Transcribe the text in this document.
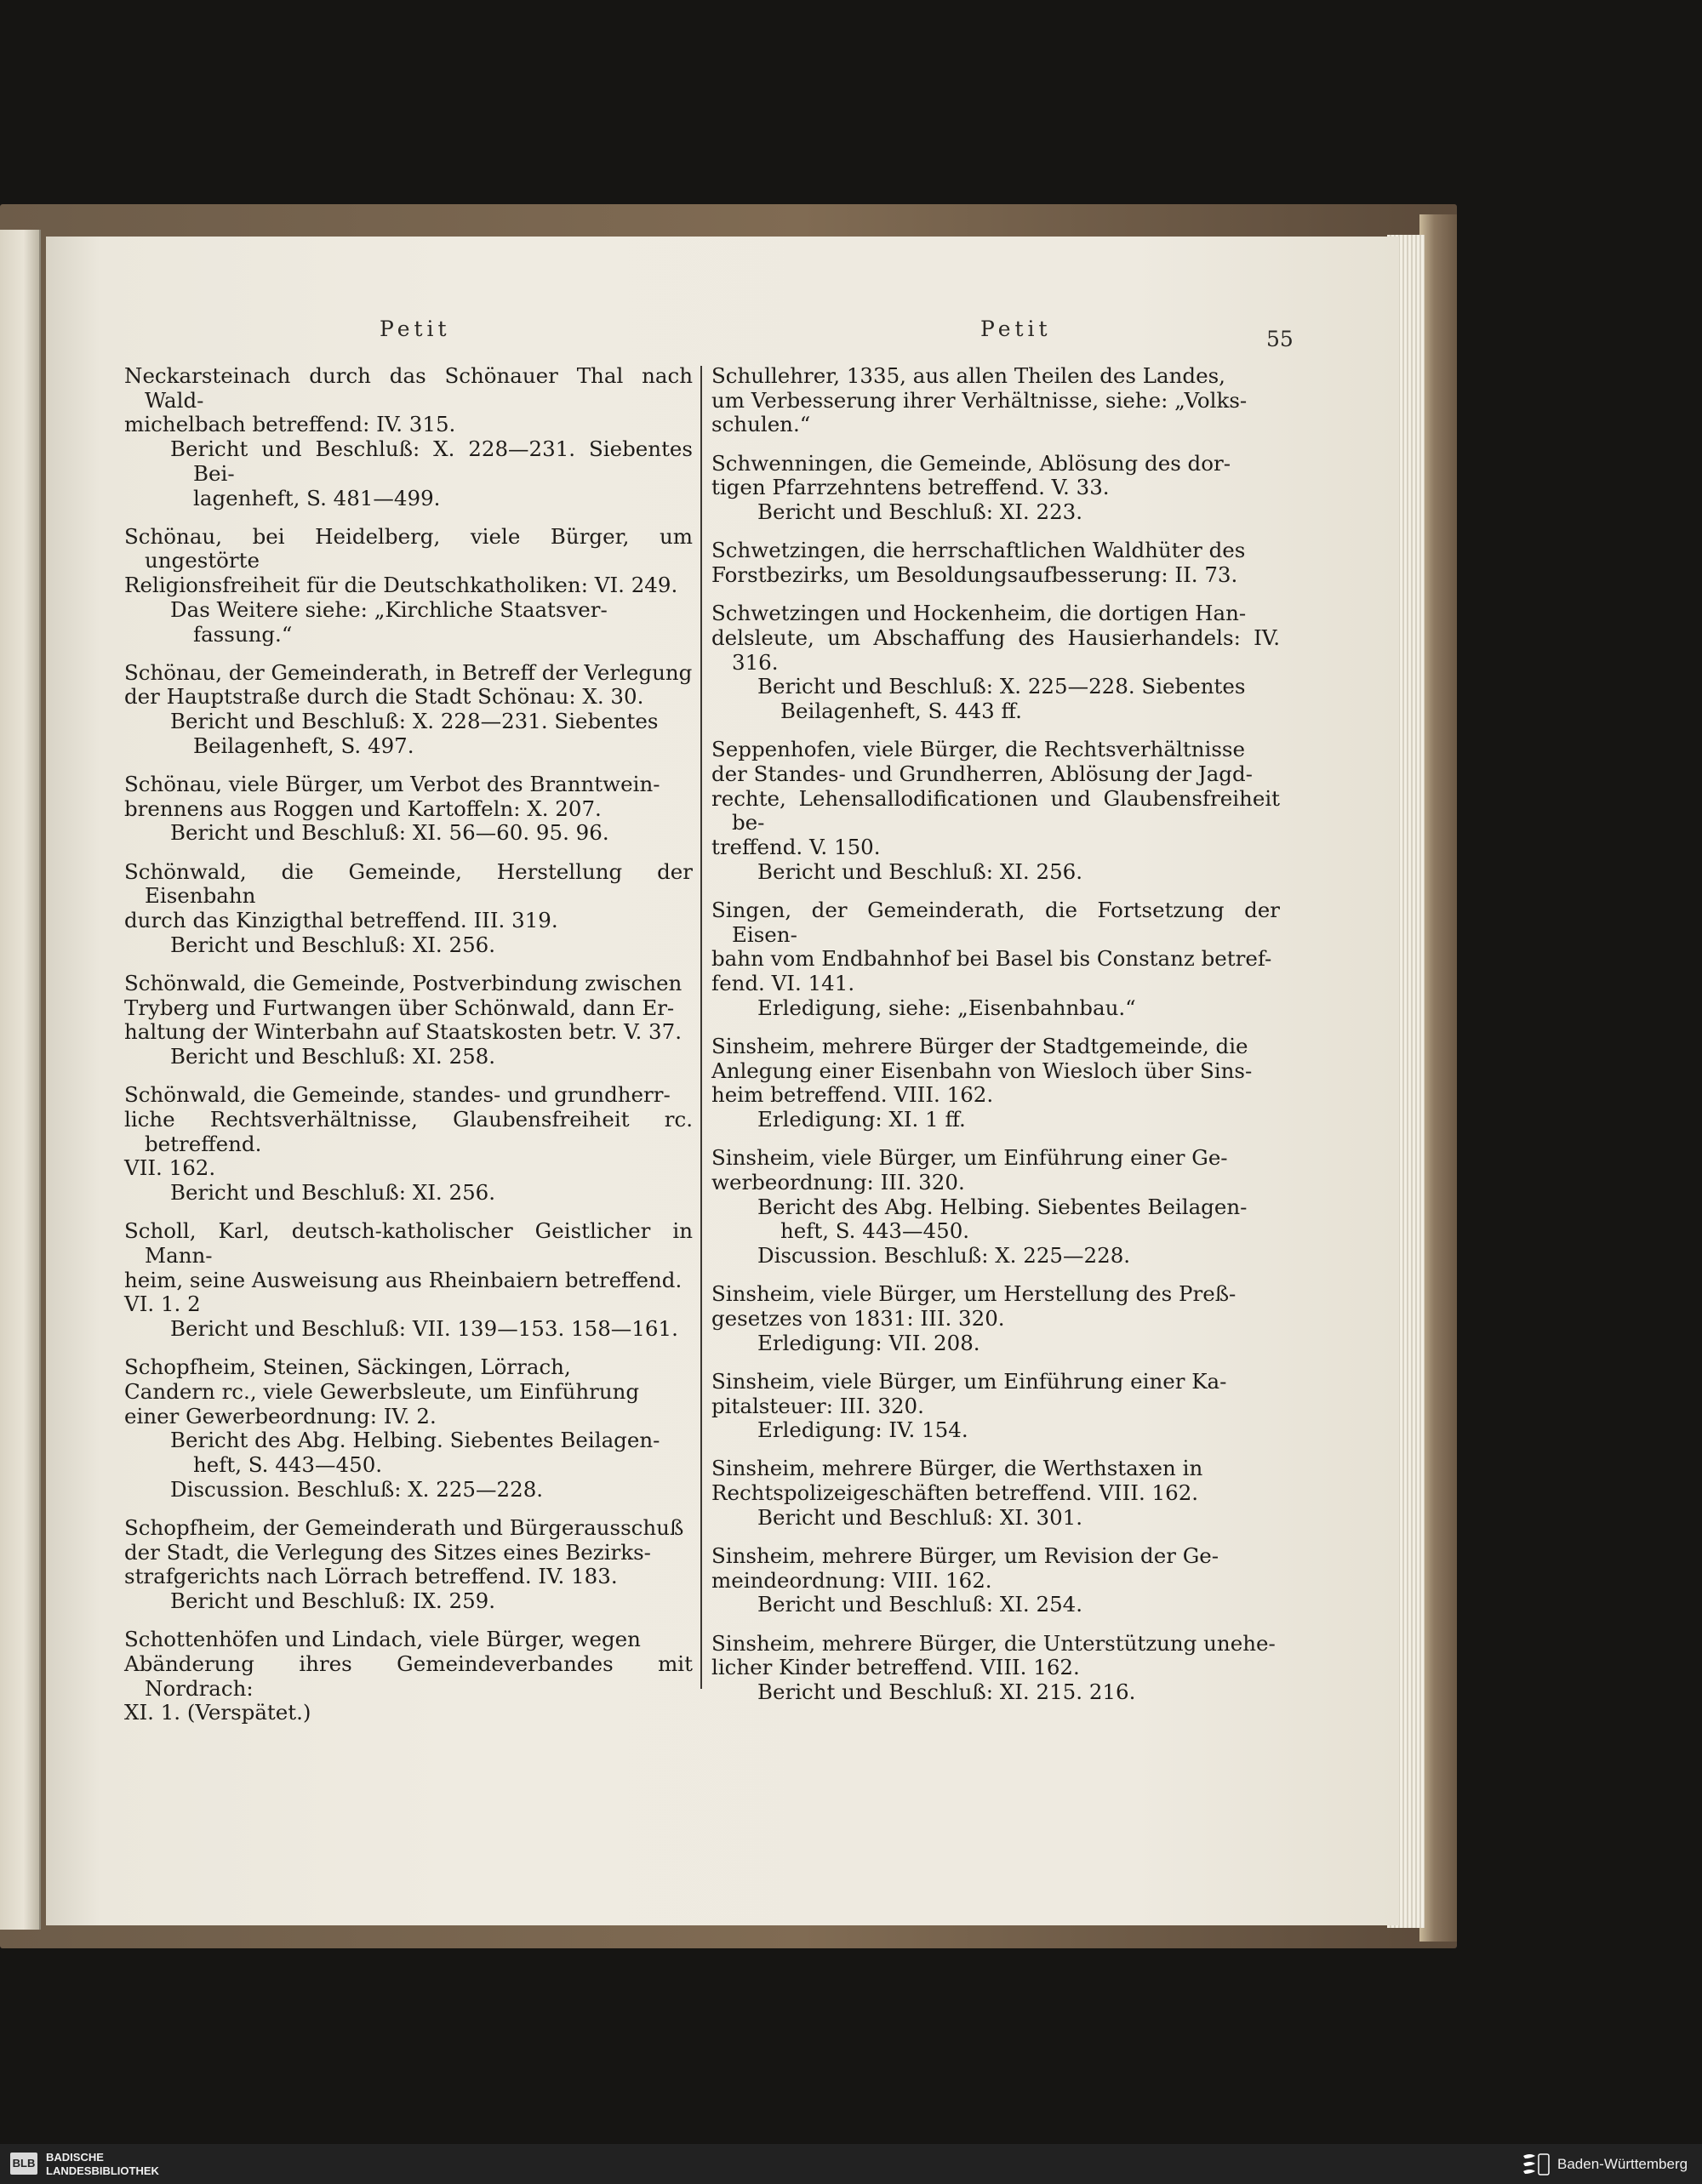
Petit	Petit	55
Neckarsteinach durch das Schönauer Thal nach Wald-
michelbach betreffend: IV. 315.
Bericht und Beschluß: X. 228—231. Siebentes Bei-
lagenheft, S. 481—499.
Schönau, bei Heidelberg, viele Bürger, um ungestörte
Religionsfreiheit für die Deutschkatholiken: VI. 249.
Das Weitere siehe: „Kirchliche Staatsver-
fassung.“
Schönau, der Gemeinderath, in Betreff der Verlegung
der Hauptstraße durch die Stadt Schönau: X. 30.
Bericht und Beschluß: X. 228—231. Siebentes
Beilagenheft, S. 497.
Schönau, viele Bürger, um Verbot des Branntwein-
brennens aus Roggen und Kartoffeln: X. 207.
Bericht und Beschluß: XI. 56—60. 95. 96.
Schönwald, die Gemeinde, Herstellung der Eisenbahn
durch das Kinzigthal betreffend. III. 319.
Bericht und Beschluß: XI. 256.
Schönwald, die Gemeinde, Postverbindung zwischen
Tryberg und Furtwangen über Schönwald, dann Er-
haltung der Winterbahn auf Staatskosten betr. V. 37.
Bericht und Beschluß: XI. 258.
Schönwald, die Gemeinde, standes- und grundherr-
liche Rechtsverhältnisse, Glaubensfreiheit rc. betreffend.
VII. 162.
Bericht und Beschluß: XI. 256.
Scholl, Karl, deutsch-katholischer Geistlicher in Mann-
heim, seine Ausweisung aus Rheinbaiern betreffend.
VI. 1. 2
Bericht und Beschluß: VII. 139—153. 158—161.
Schopfheim, Steinen, Säckingen, Lörrach,
Candern rc., viele Gewerbsleute, um Einführung
einer Gewerbeordnung: IV. 2.
Bericht des Abg. Helbing. Siebentes Beilagen-
heft, S. 443—450.
Discussion. Beschluß: X. 225—228.
Schopfheim, der Gemeinderath und Bürgerausschuß
der Stadt, die Verlegung des Sitzes eines Bezirks-
strafgerichts nach Lörrach betreffend. IV. 183.
Bericht und Beschluß: IX. 259.
Schottenhöfen und Lindach, viele Bürger, wegen
Abänderung ihres Gemeindeverbandes mit Nordrach:
XI. 1. (Verspätet.)
Schullehrer, 1335, aus allen Theilen des Landes,
um Verbesserung ihrer Verhältnisse, siehe: „Volks-
schulen.“
Schwenningen, die Gemeinde, Ablösung des dor-
tigen Pfarrzehntens betreffend. V. 33.
Bericht und Beschluß: XI. 223.
Schwetzingen, die herrschaftlichen Waldhüter des
Forstbezirks, um Besoldungsaufbesserung: II. 73.
Schwetzingen und Hockenheim, die dortigen Han-
delsleute, um Abschaffung des Hausierhandels: IV. 316.
Bericht und Beschluß: X. 225—228. Siebentes
Beilagenheft, S. 443 ff.
Seppenhofen, viele Bürger, die Rechtsverhältnisse
der Standes- und Grundherren, Ablösung der Jagd-
rechte, Lehensallodificationen und Glaubensfreiheit be-
treffend. V. 150.
Bericht und Beschluß: XI. 256.
Singen, der Gemeinderath, die Fortsetzung der Eisen-
bahn vom Endbahnhof bei Basel bis Constanz betref-
fend. VI. 141.
Erledigung, siehe: „Eisenbahnbau.“
Sinsheim, mehrere Bürger der Stadtgemeinde, die
Anlegung einer Eisenbahn von Wiesloch über Sins-
heim betreffend. VIII. 162.
Erledigung: XI. 1 ff.
Sinsheim, viele Bürger, um Einführung einer Ge-
werbeordnung: III. 320.
Bericht des Abg. Helbing. Siebentes Beilagen-
heft, S. 443—450.
Discussion. Beschluß: X. 225—228.
Sinsheim, viele Bürger, um Herstellung des Preß-
gesetzes von 1831: III. 320.
Erledigung: VII. 208.
Sinsheim, viele Bürger, um Einführung einer Ka-
pitalsteuer: III. 320.
Erledigung: IV. 154.
Sinsheim, mehrere Bürger, die Werthstaxen in
Rechtspolizeigeschäften betreffend. VIII. 162.
Bericht und Beschluß: XI. 301.
Sinsheim, mehrere Bürger, um Revision der Ge-
meindeordnung: VIII. 162.
Bericht und Beschluß: XI. 254.
Sinsheim, mehrere Bürger, die Unterstützung unehe-
licher Kinder betreffend. VIII. 162.
Bericht und Beschluß: XI. 215. 216.
BLB BADISCHE
LANDESBIBLIOTHEK	Baden-Württemberg
